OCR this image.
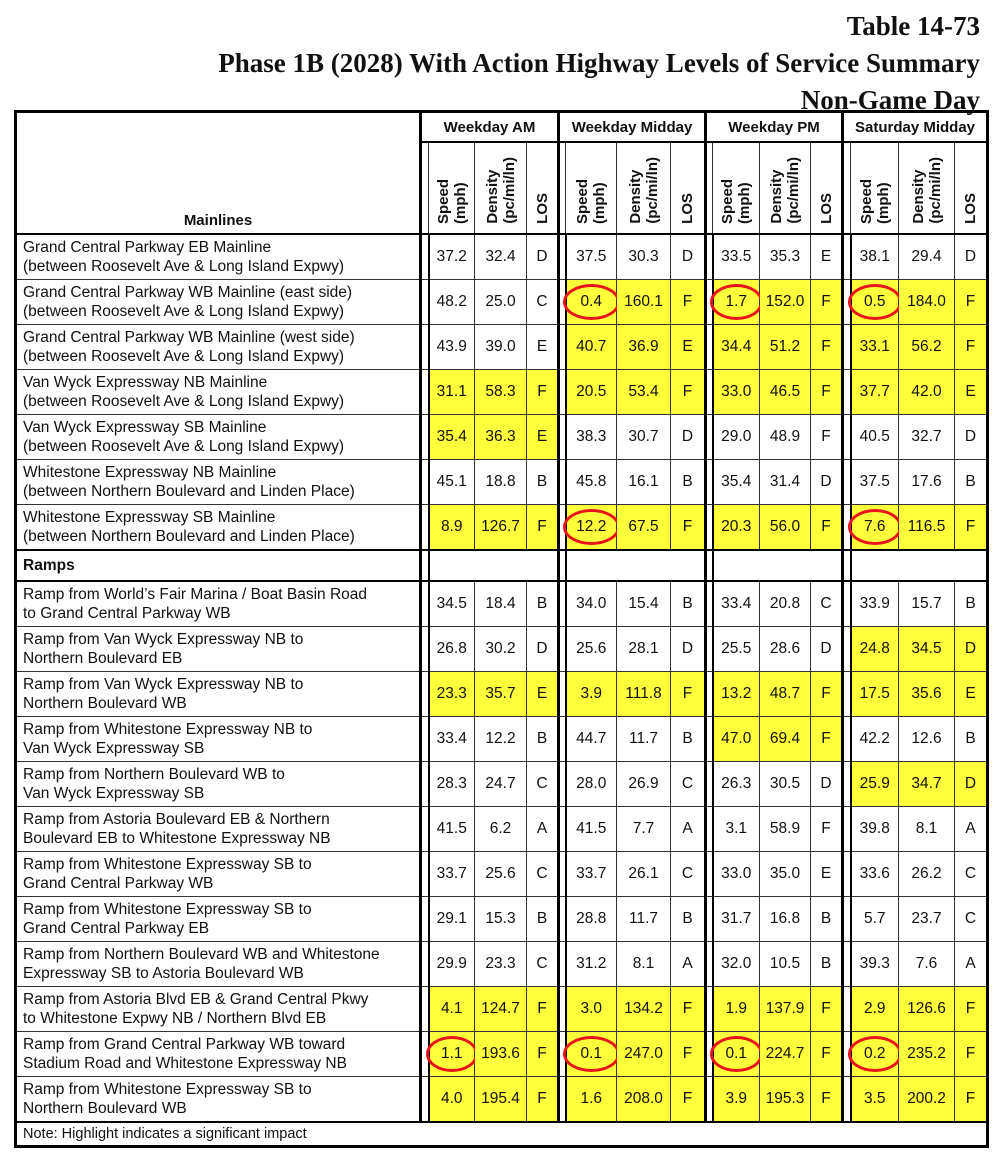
Table 14-73
Phase 1B (2028) With Action Highway Levels of Service Summary
Non-Game Day
Mainlines	Weekday AM				Weekday Midday				Weekday PM				Saturday Midday			
		Speed
(mph)	Density
(pc/mi/ln)	LOS		Speed
(mph)	Density
(pc/mi/ln)	LOS		Speed
(mph)	Density
(pc/mi/ln)	LOS		Speed
(mph)	Density
(pc/mi/ln)	LOS

Grand Central Parkway EB Mainline
(between Roosevelt Ave & Long Island Expwy)		37.2	32.4	D		37.5	30.3	D		33.5	35.3	E		38.1	29.4	D

Grand Central Parkway WB Mainline (east side)
(between Roosevelt Ave & Long Island Expwy)		48.2	25.0	C		0.4	160.1	F		1.7	152.0	F		0.5	184.0	F

Grand Central Parkway WB Mainline (west side)
(between Roosevelt Ave & Long Island Expwy)		43.9	39.0	E		40.7	36.9	E		34.4	51.2	F		33.1	56.2	F

Van Wyck Expressway NB Mainline
(between Roosevelt Ave & Long Island Expwy)		31.1	58.3	F		20.5	53.4	F		33.0	46.5	F		37.7	42.0	E

Van Wyck Expressway SB Mainline
(between Roosevelt Ave & Long Island Expwy)		35.4	36.3	E		38.3	30.7	D		29.0	48.9	F		40.5	32.7	D

Whitestone Expressway NB Mainline
(between Northern Boulevard and Linden Place)		45.1	18.8	B		45.8	16.1	B		35.4	31.4	D		37.5	17.6	B

Whitestone Expressway SB Mainline
(between Northern Boulevard and Linden Place)		8.9	126.7	F		12.2	67.5	F		20.3	56.0	F		7.6	116.5	F
Ramps																

Ramp from World’s Fair Marina / Boat Basin Road
to Grand Central Parkway WB		34.5	18.4	B		34.0	15.4	B		33.4	20.8	C		33.9	15.7	B

Ramp from Van Wyck Expressway NB to
Northern Boulevard EB		26.8	30.2	D		25.6	28.1	D		25.5	28.6	D		24.8	34.5	D

Ramp from Van Wyck Expressway NB to
Northern Boulevard WB		23.3	35.7	E		3.9	111.8	F		13.2	48.7	F		17.5	35.6	E

Ramp from Whitestone Expressway NB to
Van Wyck Expressway SB		33.4	12.2	B		44.7	11.7	B		47.0	69.4	F		42.2	12.6	B

Ramp from Northern Boulevard WB to
Van Wyck Expressway SB		28.3	24.7	C		28.0	26.9	C		26.3	30.5	D		25.9	34.7	D

Ramp from Astoria Boulevard EB & Northern
Boulevard EB to Whitestone Expressway NB		41.5	6.2	A		41.5	7.7	A		3.1	58.9	F		39.8	8.1	A

Ramp from Whitestone Expressway SB to
Grand Central Parkway WB		33.7	25.6	C		33.7	26.1	C		33.0	35.0	E		33.6	26.2	C

Ramp from Whitestone Expressway SB to
Grand Central Parkway EB		29.1	15.3	B		28.8	11.7	B		31.7	16.8	B		5.7	23.7	C

Ramp from Northern Boulevard WB and Whitestone
Expressway SB to Astoria Boulevard WB		29.9	23.3	C		31.2	8.1	A		32.0	10.5	B		39.3	7.6	A

Ramp from Astoria Blvd EB & Grand Central Pkwy
to Whitestone Expwy NB / Northern Blvd EB		4.1	124.7	F		3.0	134.2	F		1.9	137.9	F		2.9	126.6	F

Ramp from Grand Central Parkway WB toward
Stadium Road and Whitestone Expressway NB		1.1	193.6	F		0.1	247.0	F		0.1	224.7	F		0.2	235.2	F

Ramp from Whitestone Expressway SB to
Northern Boulevard WB		4.0	195.4	F		1.6	208.0	F		3.9	195.3	F		3.5	200.2	F
Note: Highlight indicates a significant impact																
